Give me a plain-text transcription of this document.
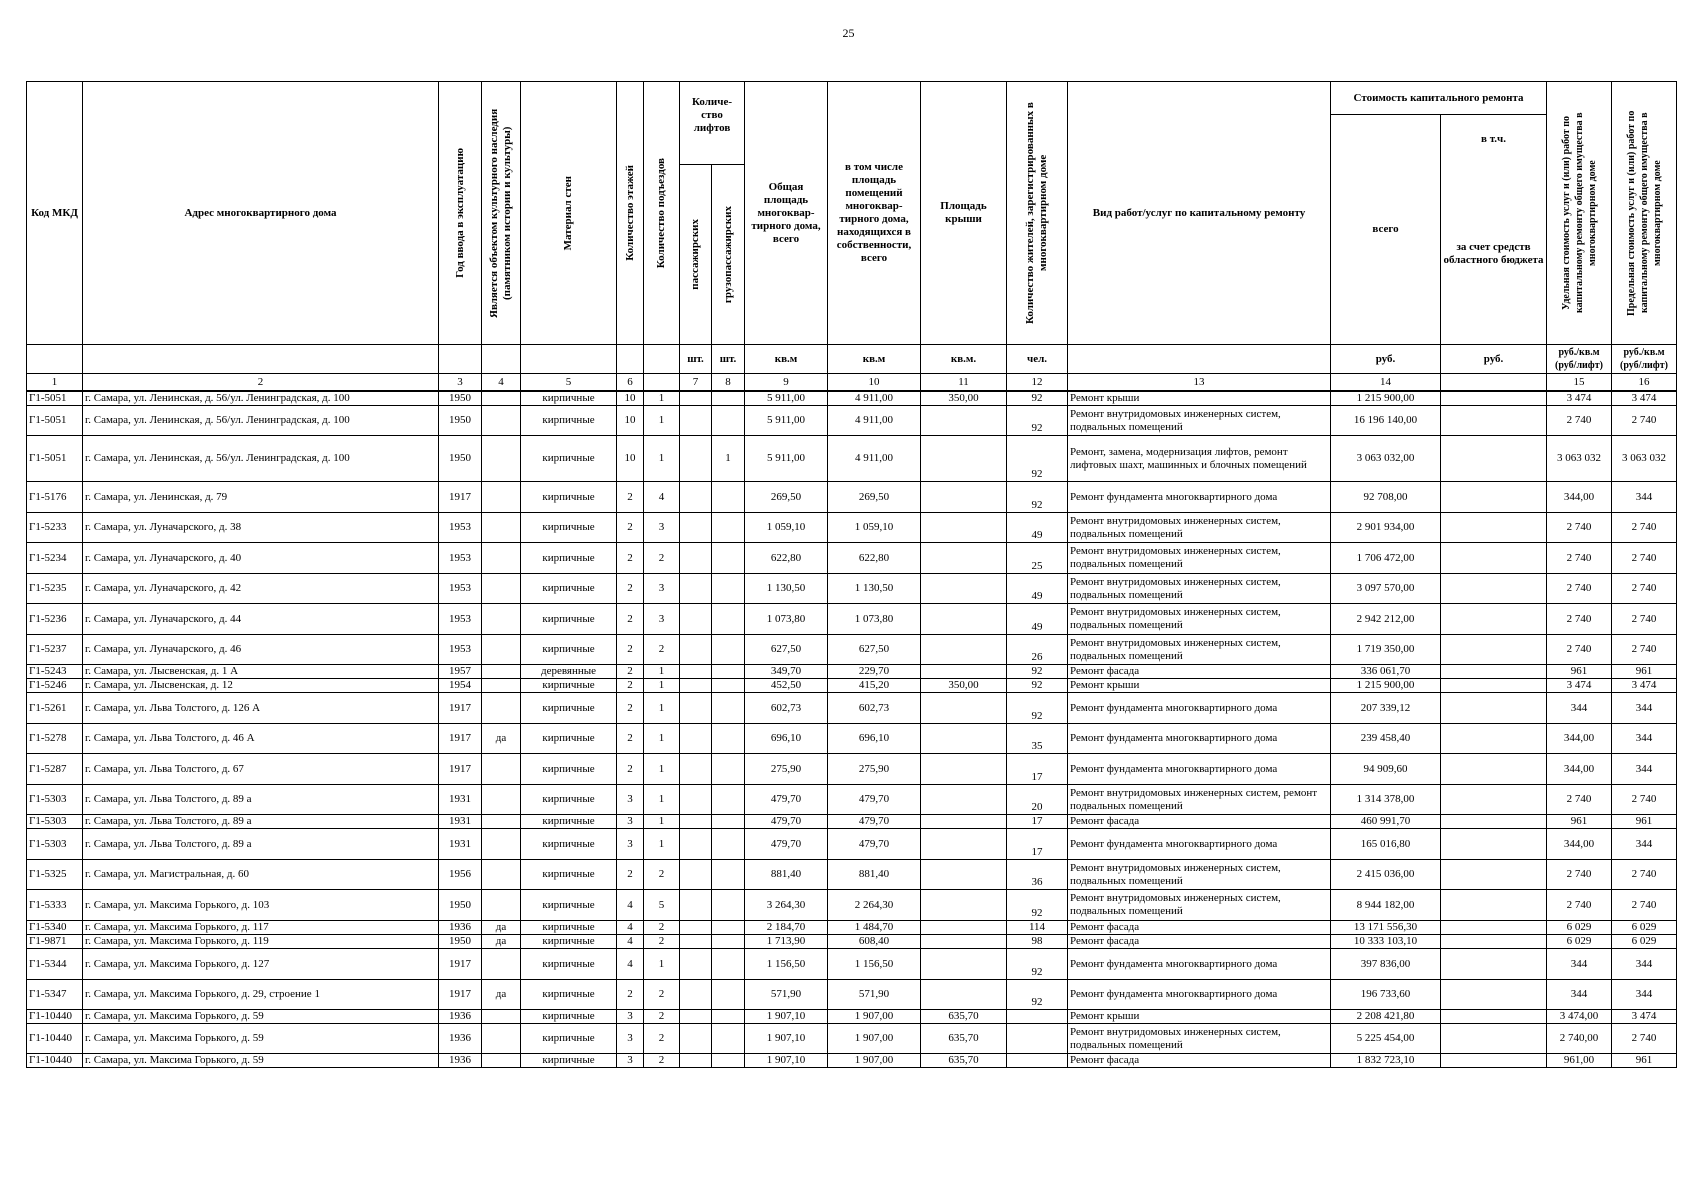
25
Код МКД	Адрес многоквартирного дома	Год ввода в эксплуатацию	Является объектом культурного наследия (памятником истории и культуры)	Материал стен	Количество этажей	Количество подъездов	Количе-ство лифтов		Общая площадь многоквар-тирного дома, всего	в том числе площадь помещений многоквар-тирного дома, находящихся в собственности, всего	Площадь крыши	Количество жителей, зарегистрированных в многоквартирном доме	Вид работ/услуг по капитальному ремонту	Стоимость капитального ремонта		Удельная стоимость услуг и (или) работ по капитальному ремонту общего имущества в многоквартирном доме	Предельная стоимость услуг и (или) работ по капитальному ремонту общего имущества в многоквартирном доме

														всего	в т.ч.		

							пассажирских	грузопассажирских							за счет средств областного бюджета		
							шт.	шт.	кв.м	кв.м	кв.м.	чел.		руб.	руб.	руб./кв.м (руб/лифт)	руб./кв.м (руб/лифт)
1	2	3	4	5	6		7	8	9	10	11	12	13	14		15	16
Г1-5051	г. Самара, ул. Ленинская, д. 56/ул. Ленинградская, д. 100	1950		кирпичные	10	1			5 911,00	4 911,00	350,00	92	Ремонт крыши	1 215 900,00		3 474	3 474
Г1-5051	г. Самара, ул. Ленинская, д. 56/ул. Ленинградская, д. 100	1950		кирпичные	10	1			5 911,00	4 911,00		92	Ремонт внутридомовых инженерных систем, подвальных помещений	16 196 140,00		2 740	2 740
Г1-5051	г. Самара, ул. Ленинская, д. 56/ул. Ленинградская, д. 100	1950		кирпичные	10	1		1	5 911,00	4 911,00		92	Ремонт, замена, модернизация лифтов, ремонт лифтовых шахт, машинных и блочных помещений	3 063 032,00		3 063 032	3 063 032
Г1-5176	г. Самара, ул. Ленинская, д. 79	1917		кирпичные	2	4			269,50	269,50		92	Ремонт фундамента многоквартирного дома	92 708,00		344,00	344
Г1-5233	г. Самара, ул. Луначарского, д. 38	1953		кирпичные	2	3			1 059,10	1 059,10		49	Ремонт внутридомовых инженерных систем, подвальных помещений	2 901 934,00		2 740	2 740
Г1-5234	г. Самара, ул. Луначарского, д. 40	1953		кирпичные	2	2			622,80	622,80		25	Ремонт внутридомовых инженерных систем, подвальных помещений	1 706 472,00		2 740	2 740
Г1-5235	г. Самара, ул. Луначарского, д. 42	1953		кирпичные	2	3			1 130,50	1 130,50		49	Ремонт внутридомовых инженерных систем, подвальных помещений	3 097 570,00		2 740	2 740
Г1-5236	г. Самара, ул. Луначарского, д. 44	1953		кирпичные	2	3			1 073,80	1 073,80		49	Ремонт внутридомовых инженерных систем, подвальных помещений	2 942 212,00		2 740	2 740
Г1-5237	г. Самара, ул. Луначарского, д. 46	1953		кирпичные	2	2			627,50	627,50		26	Ремонт внутридомовых инженерных систем, подвальных помещений	1 719 350,00		2 740	2 740
Г1-5243	г. Самара, ул. Лысвенская, д. 1 А	1957		деревянные	2	1			349,70	229,70		92	Ремонт фасада	336 061,70		961	961
Г1-5246	г. Самара, ул. Лысвенская, д. 12	1954		кирпичные	2	1			452,50	415,20	350,00	92	Ремонт крыши	1 215 900,00		3 474	3 474
Г1-5261	г. Самара, ул. Льва Толстого, д. 126 А	1917		кирпичные	2	1			602,73	602,73		92	Ремонт фундамента многоквартирного дома	207 339,12		344	344
Г1-5278	г. Самара, ул. Льва Толстого, д. 46 А	1917	да	кирпичные	2	1			696,10	696,10		35	Ремонт фундамента многоквартирного дома	239 458,40		344,00	344
Г1-5287	г. Самара, ул. Льва Толстого, д. 67	1917		кирпичные	2	1			275,90	275,90		17	Ремонт фундамента многоквартирного дома	94 909,60		344,00	344
Г1-5303	г. Самара, ул. Льва Толстого, д. 89 а	1931		кирпичные	3	1			479,70	479,70		20	Ремонт внутридомовых инженерных систем, ремонт подвальных помещений	1 314 378,00		2 740	2 740
Г1-5303	г. Самара, ул. Льва Толстого, д. 89 а	1931		кирпичные	3	1			479,70	479,70		17	Ремонт фасада	460 991,70		961	961
Г1-5303	г. Самара, ул. Льва Толстого, д. 89 а	1931		кирпичные	3	1			479,70	479,70		17	Ремонт фундамента многоквартирного дома	165 016,80		344,00	344
Г1-5325	г. Самара, ул. Магистральная, д. 60	1956		кирпичные	2	2			881,40	881,40		36	Ремонт внутридомовых инженерных систем, подвальных помещений	2 415 036,00		2 740	2 740
Г1-5333	г. Самара, ул. Максима Горького, д. 103	1950		кирпичные	4	5			3 264,30	2 264,30		92	Ремонт внутридомовых инженерных систем, подвальных помещений	8 944 182,00		2 740	2 740
Г1-5340	г. Самара, ул. Максима Горького, д. 117	1936	да	кирпичные	4	2			2 184,70	1 484,70		114	Ремонт фасада	13 171 556,30		6 029	6 029
Г1-9871	г. Самара, ул. Максима Горького, д. 119	1950	да	кирпичные	4	2			1 713,90	608,40		98	Ремонт фасада	10 333 103,10		6 029	6 029
Г1-5344	г. Самара, ул. Максима Горького, д. 127	1917		кирпичные	4	1			1 156,50	1 156,50		92	Ремонт фундамента многоквартирного дома	397 836,00		344	344
Г1-5347	г. Самара, ул. Максима Горького, д. 29, строение 1	1917	да	кирпичные	2	2			571,90	571,90		92	Ремонт фундамента многоквартирного дома	196 733,60		344	344
Г1-10440	г. Самара, ул. Максима Горького, д. 59	1936		кирпичные	3	2			1 907,10	1 907,00	635,70		Ремонт крыши	2 208 421,80		3 474,00	3 474
Г1-10440	г. Самара, ул. Максима Горького, д. 59	1936		кирпичные	3	2			1 907,10	1 907,00	635,70		Ремонт внутридомовых инженерных систем, подвальных помещений	5 225 454,00		2 740,00	2 740
Г1-10440	г. Самара, ул. Максима Горького, д. 59	1936		кирпичные	3	2			1 907,10	1 907,00	635,70		Ремонт фасада	1 832 723,10		961,00	961
